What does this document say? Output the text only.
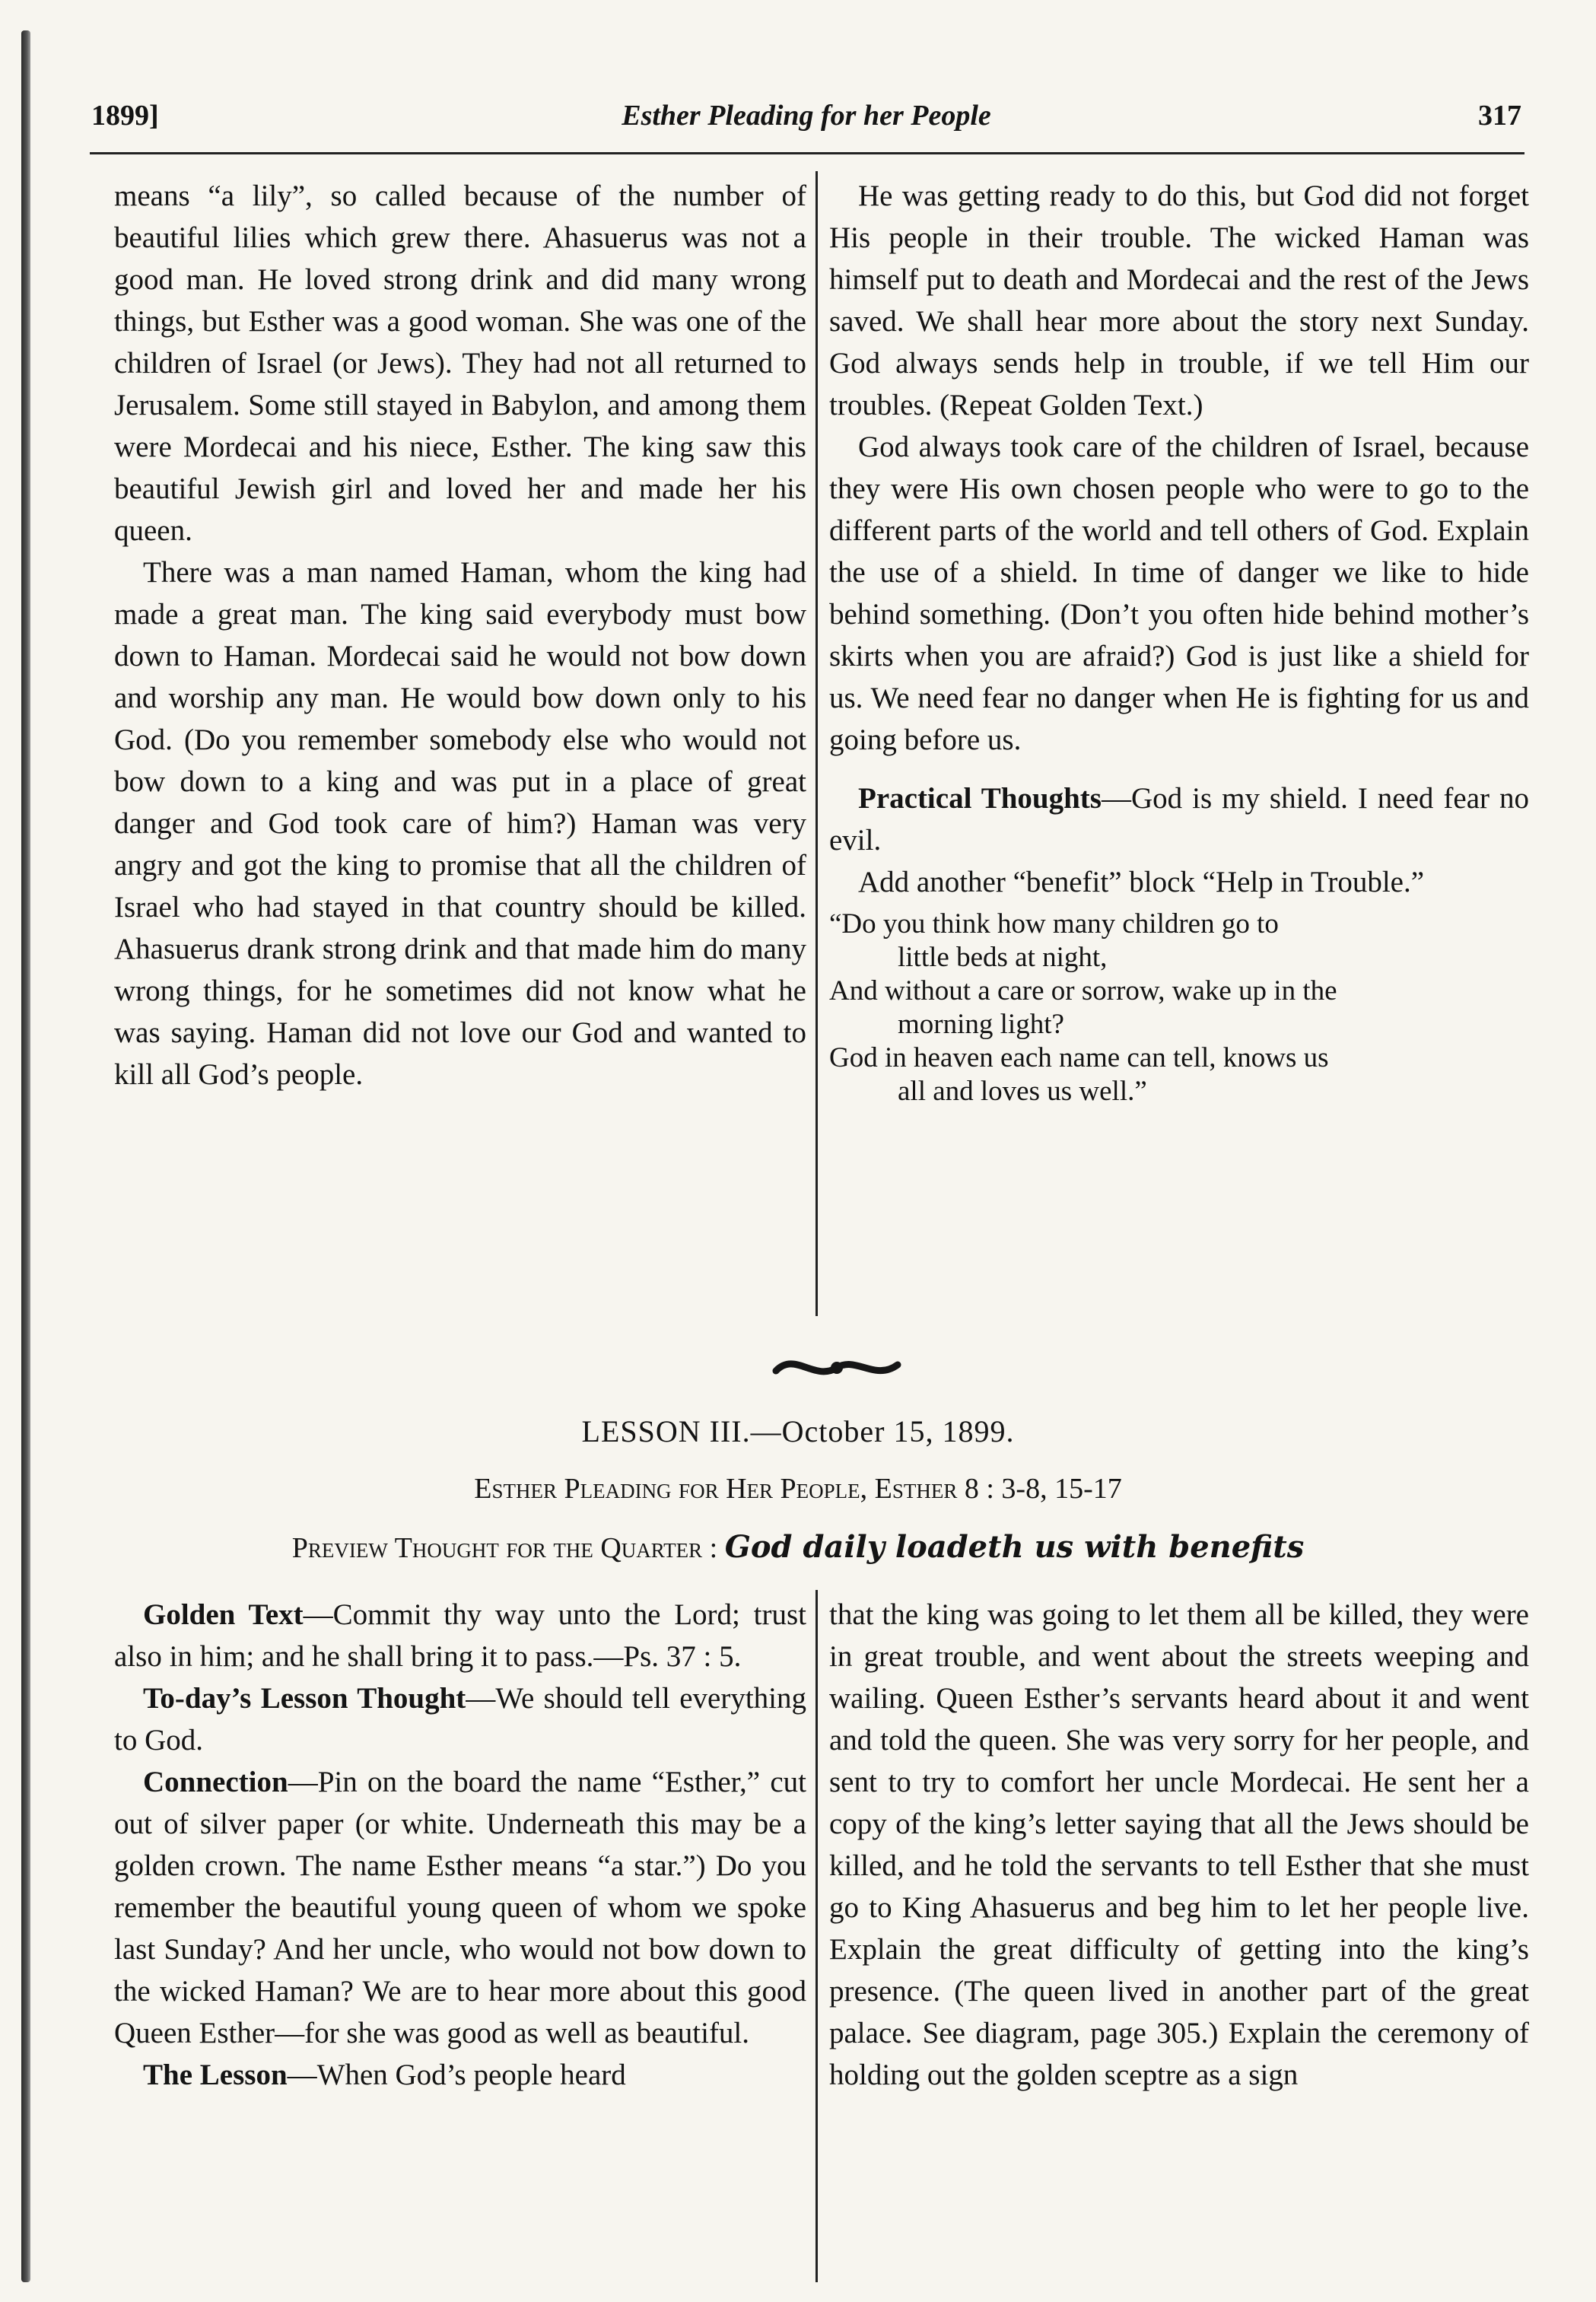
1899]	Esther Pleading for her People	317

means “a lily”, so called because of the number of beautiful lilies which grew there. Ahasuerus was not a good man. He loved strong drink and did many wrong things, but Esther was a good woman. She was one of the children of Israel (or Jews). They had not all returned to Jerusalem. Some still stayed in Babylon, and among them were Mordecai and his niece, Esther. The king saw this beautiful Jewish girl and loved her and made her his queen.

There was a man named Haman, whom the king had made a great man. The king said everybody must bow down to Haman. Mordecai said he would not bow down and worship any man. He would bow down only to his God. (Do you remember somebody else who would not bow down to a king and was put in a place of great danger and God took care of him?) Haman was very angry and got the king to promise that all the children of Israel who had stayed in that country should be killed. Ahasuerus drank strong drink and that made him do many wrong things, for he sometimes did not know what he was saying. Haman did not love our God and wanted to kill all God’s people.

He was getting ready to do this, but God did not forget His people in their trouble. The wicked Haman was himself put to death and Mordecai and the rest of the Jews saved. We shall hear more about the story next Sunday. God always sends help in trouble, if we tell Him our troubles. (Repeat Golden Text.)

God always took care of the children of Israel, because they were His own chosen people who were to go to the different parts of the world and tell others of God. Explain the use of a shield. In time of danger we like to hide behind something. (Don’t you often hide behind mother’s skirts when you are afraid?) God is just like a shield for us. We need fear no danger when He is fighting for us and going before us.

Practical Thoughts—God is my shield. I need fear no evil.

Add another “benefit” block “Help in Trouble.”

“Do you think how many children go to

little beds at night,

And without a care or sorrow, wake up in the

morning light?

God in heaven each name can tell, knows us

all and loves us well.”

LESSON III.—October 15, 1899.
Esther Pleading for Her People, Esther 8 : 3-8, 15-17
Preview Thought for the Quarter : God daily loadeth us with benefits

Golden Text—Commit thy way unto the Lord; trust also in him; and he shall bring it to pass.—Ps. 37 : 5.

To-day’s Lesson Thought—We should tell everything to God.

Connection—Pin on the board the name “Esther,” cut out of silver paper (or white. Underneath this may be a golden crown. The name Esther means “a star.”) Do you remember the beautiful young queen of whom we spoke last Sunday? And her uncle, who would not bow down to the wicked Haman? We are to hear more about this good Queen Esther—for she was good as well as beautiful.

The Lesson—When God’s people heard

that the king was going to let them all be killed, they were in great trouble, and went about the streets weeping and wailing. Queen Esther’s servants heard about it and went and told the queen. She was very sorry for her people, and sent to try to comfort her uncle Mordecai. He sent her a copy of the king’s letter saying that all the Jews should be killed, and he told the servants to tell Esther that she must go to King Ahasuerus and beg him to let her people live. Explain the great difficulty of getting into the king’s presence. (The queen lived in another part of the great palace. See diagram, page 305.) Explain the ceremony of holding out the golden sceptre as a sign
